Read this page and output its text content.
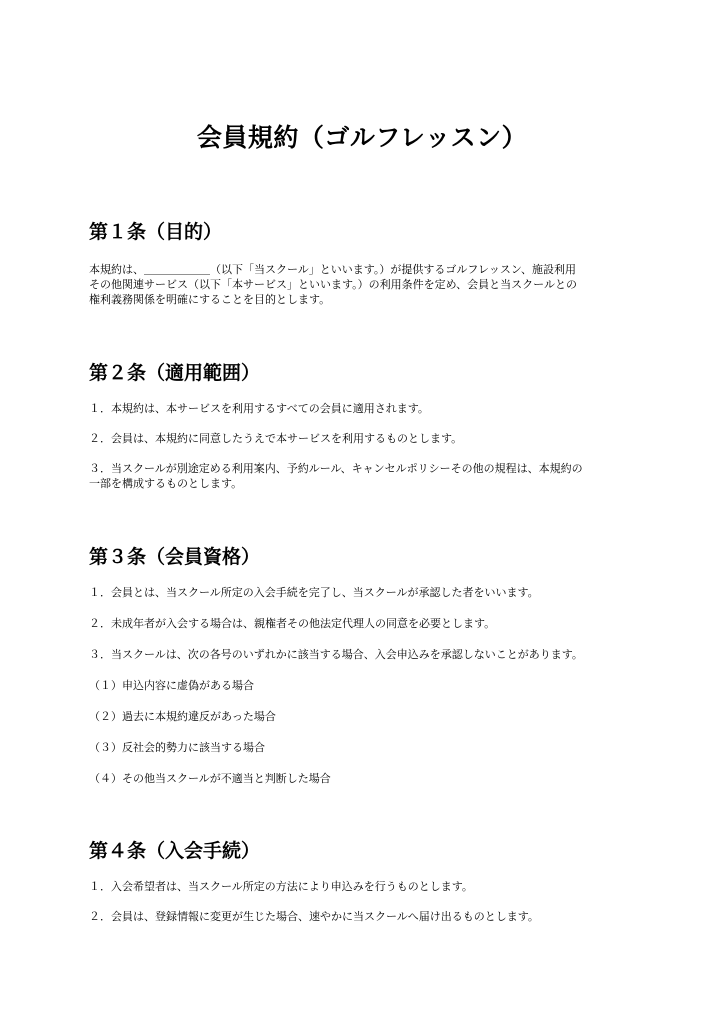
会員規約（ゴルフレッスン）
第１条（目的）

本規約は、＿＿＿＿＿＿（以下「当スクール」といいます。）が提供するゴルフレッスン、施設利用
その他関連サービス（以下「本サービス」といいます。）の利用条件を定め、会員と当スクールとの
権利義務関係を明確にすることを目的とします。

第２条（適用範囲）

１．本規約は、本サービスを利用するすべての会員に適用されます。

２．会員は、本規約に同意したうえで本サービスを利用するものとします。

３．当スクールが別途定める利用案内、予約ルール、キャンセルポリシーその他の規程は、本規約の
一部を構成するものとします。

第３条（会員資格）

１．会員とは、当スクール所定の入会手続を完了し、当スクールが承認した者をいいます。

２．未成年者が入会する場合は、親権者その他法定代理人の同意を必要とします。

３．当スクールは、次の各号のいずれかに該当する場合、入会申込みを承認しないことがあります。

（１）申込内容に虚偽がある場合

（２）過去に本規約違反があった場合

（３）反社会的勢力に該当する場合

（４）その他当スクールが不適当と判断した場合

第４条（入会手続）

１．入会希望者は、当スクール所定の方法により申込みを行うものとします。

２．会員は、登録情報に変更が生じた場合、速やかに当スクールへ届け出るものとします。
